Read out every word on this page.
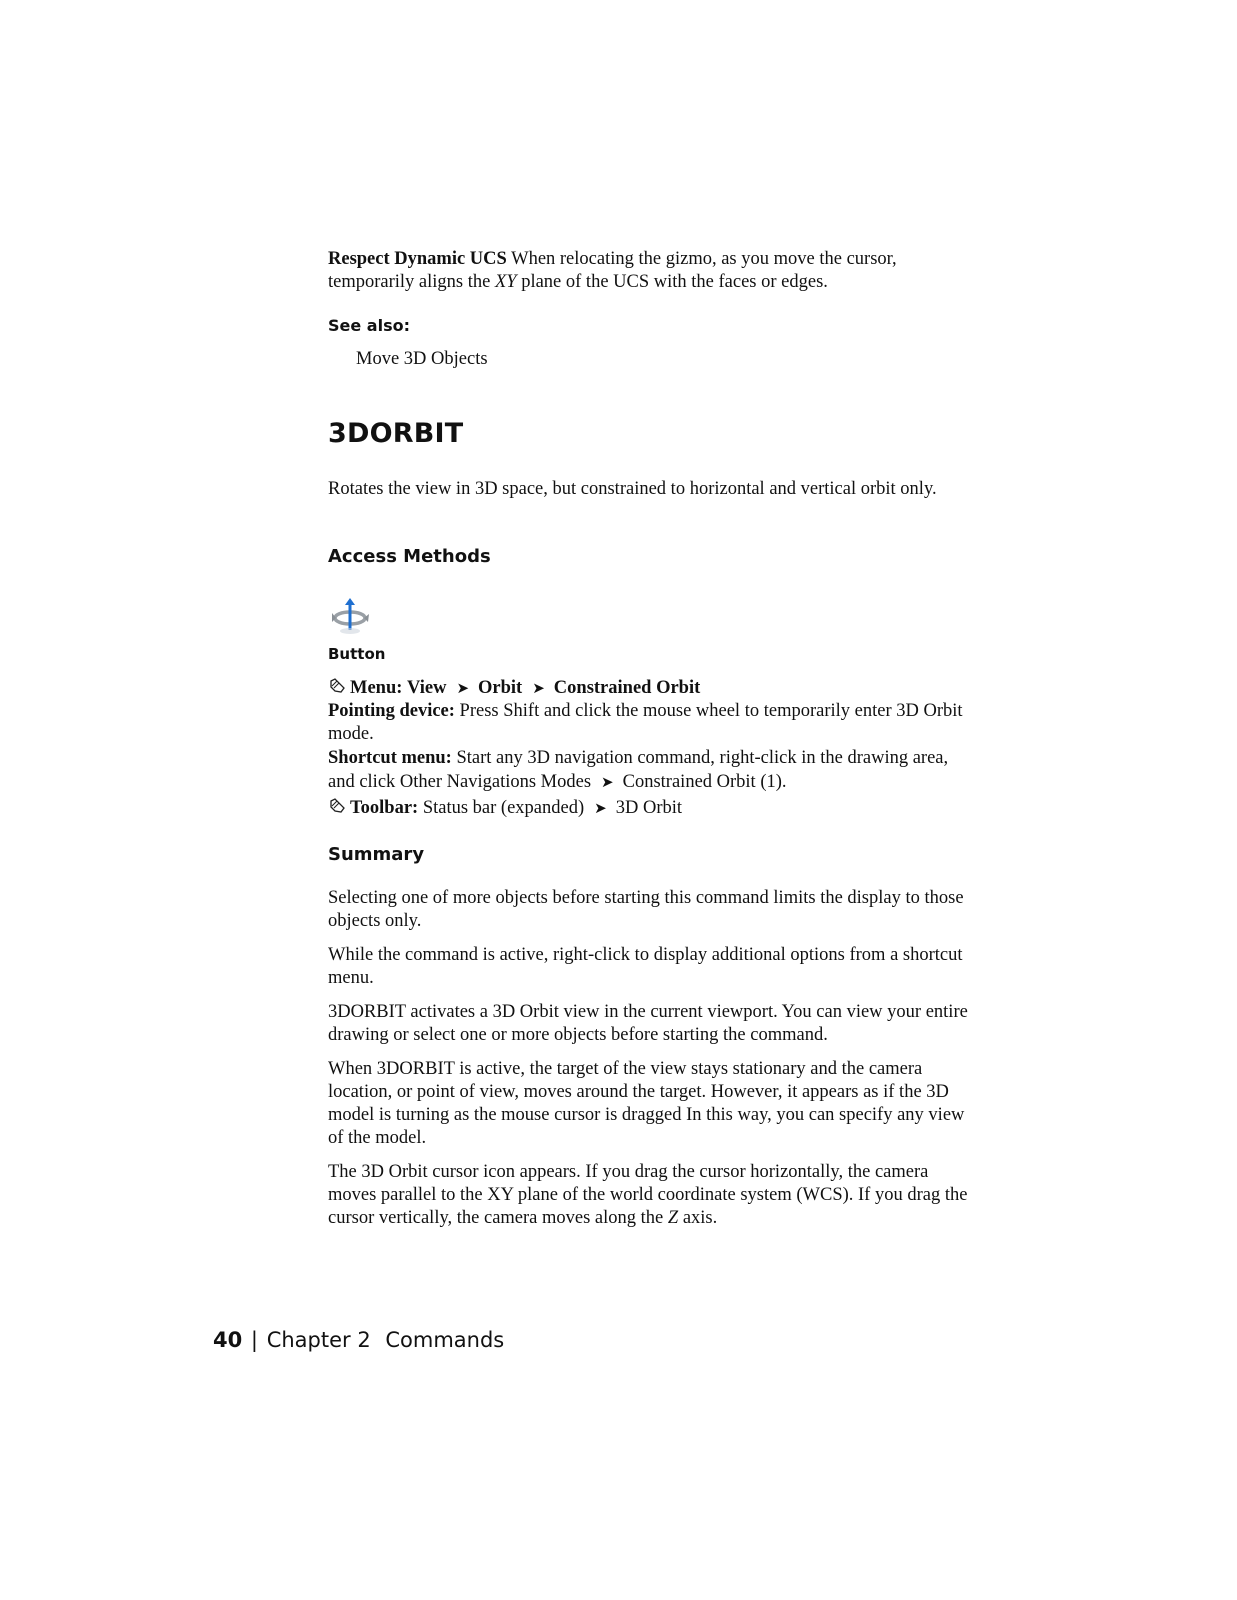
Respect Dynamic UCS When relocating the gizmo, as you move the cursor, temporarily aligns the XY plane of the UCS with the faces or edges.

See also:
Move 3D Objects
3DORBIT
Rotates the view in 3D space, but constrained to horizontal and vertical orbit only.
Access Methods
Button
Menu: View ➤ Orbit ➤ Constrained Orbit
Pointing device: Press Shift and click the mouse wheel to temporarily enter 3D Orbit mode.
Shortcut menu: Start any 3D navigation command, right-click in the drawing area, and click Other Navigations Modes ➤ Constrained Orbit (1).
Toolbar: Status bar (expanded) ➤ 3D Orbit
Summary
Selecting one of more objects before starting this command limits the display to those objects only.
While the command is active, right-click to display additional options from a shortcut menu.
3DORBIT activates a 3D Orbit view in the current viewport. You can view your entire drawing or select one or more objects before starting the command.
When 3DORBIT is active, the target of the view stays stationary and the camera location, or point of view, moves around the target. However, it appears as if the 3D model is turning as the mouse cursor is dragged In this way, you can specify any view of the model.
The 3D Orbit cursor icon appears. If you drag the cursor horizontally, the camera moves parallel to the XY plane of the world coordinate system (WCS). If you drag the cursor vertically, the camera moves along the Z axis.
40 | Chapter 2 Commands
